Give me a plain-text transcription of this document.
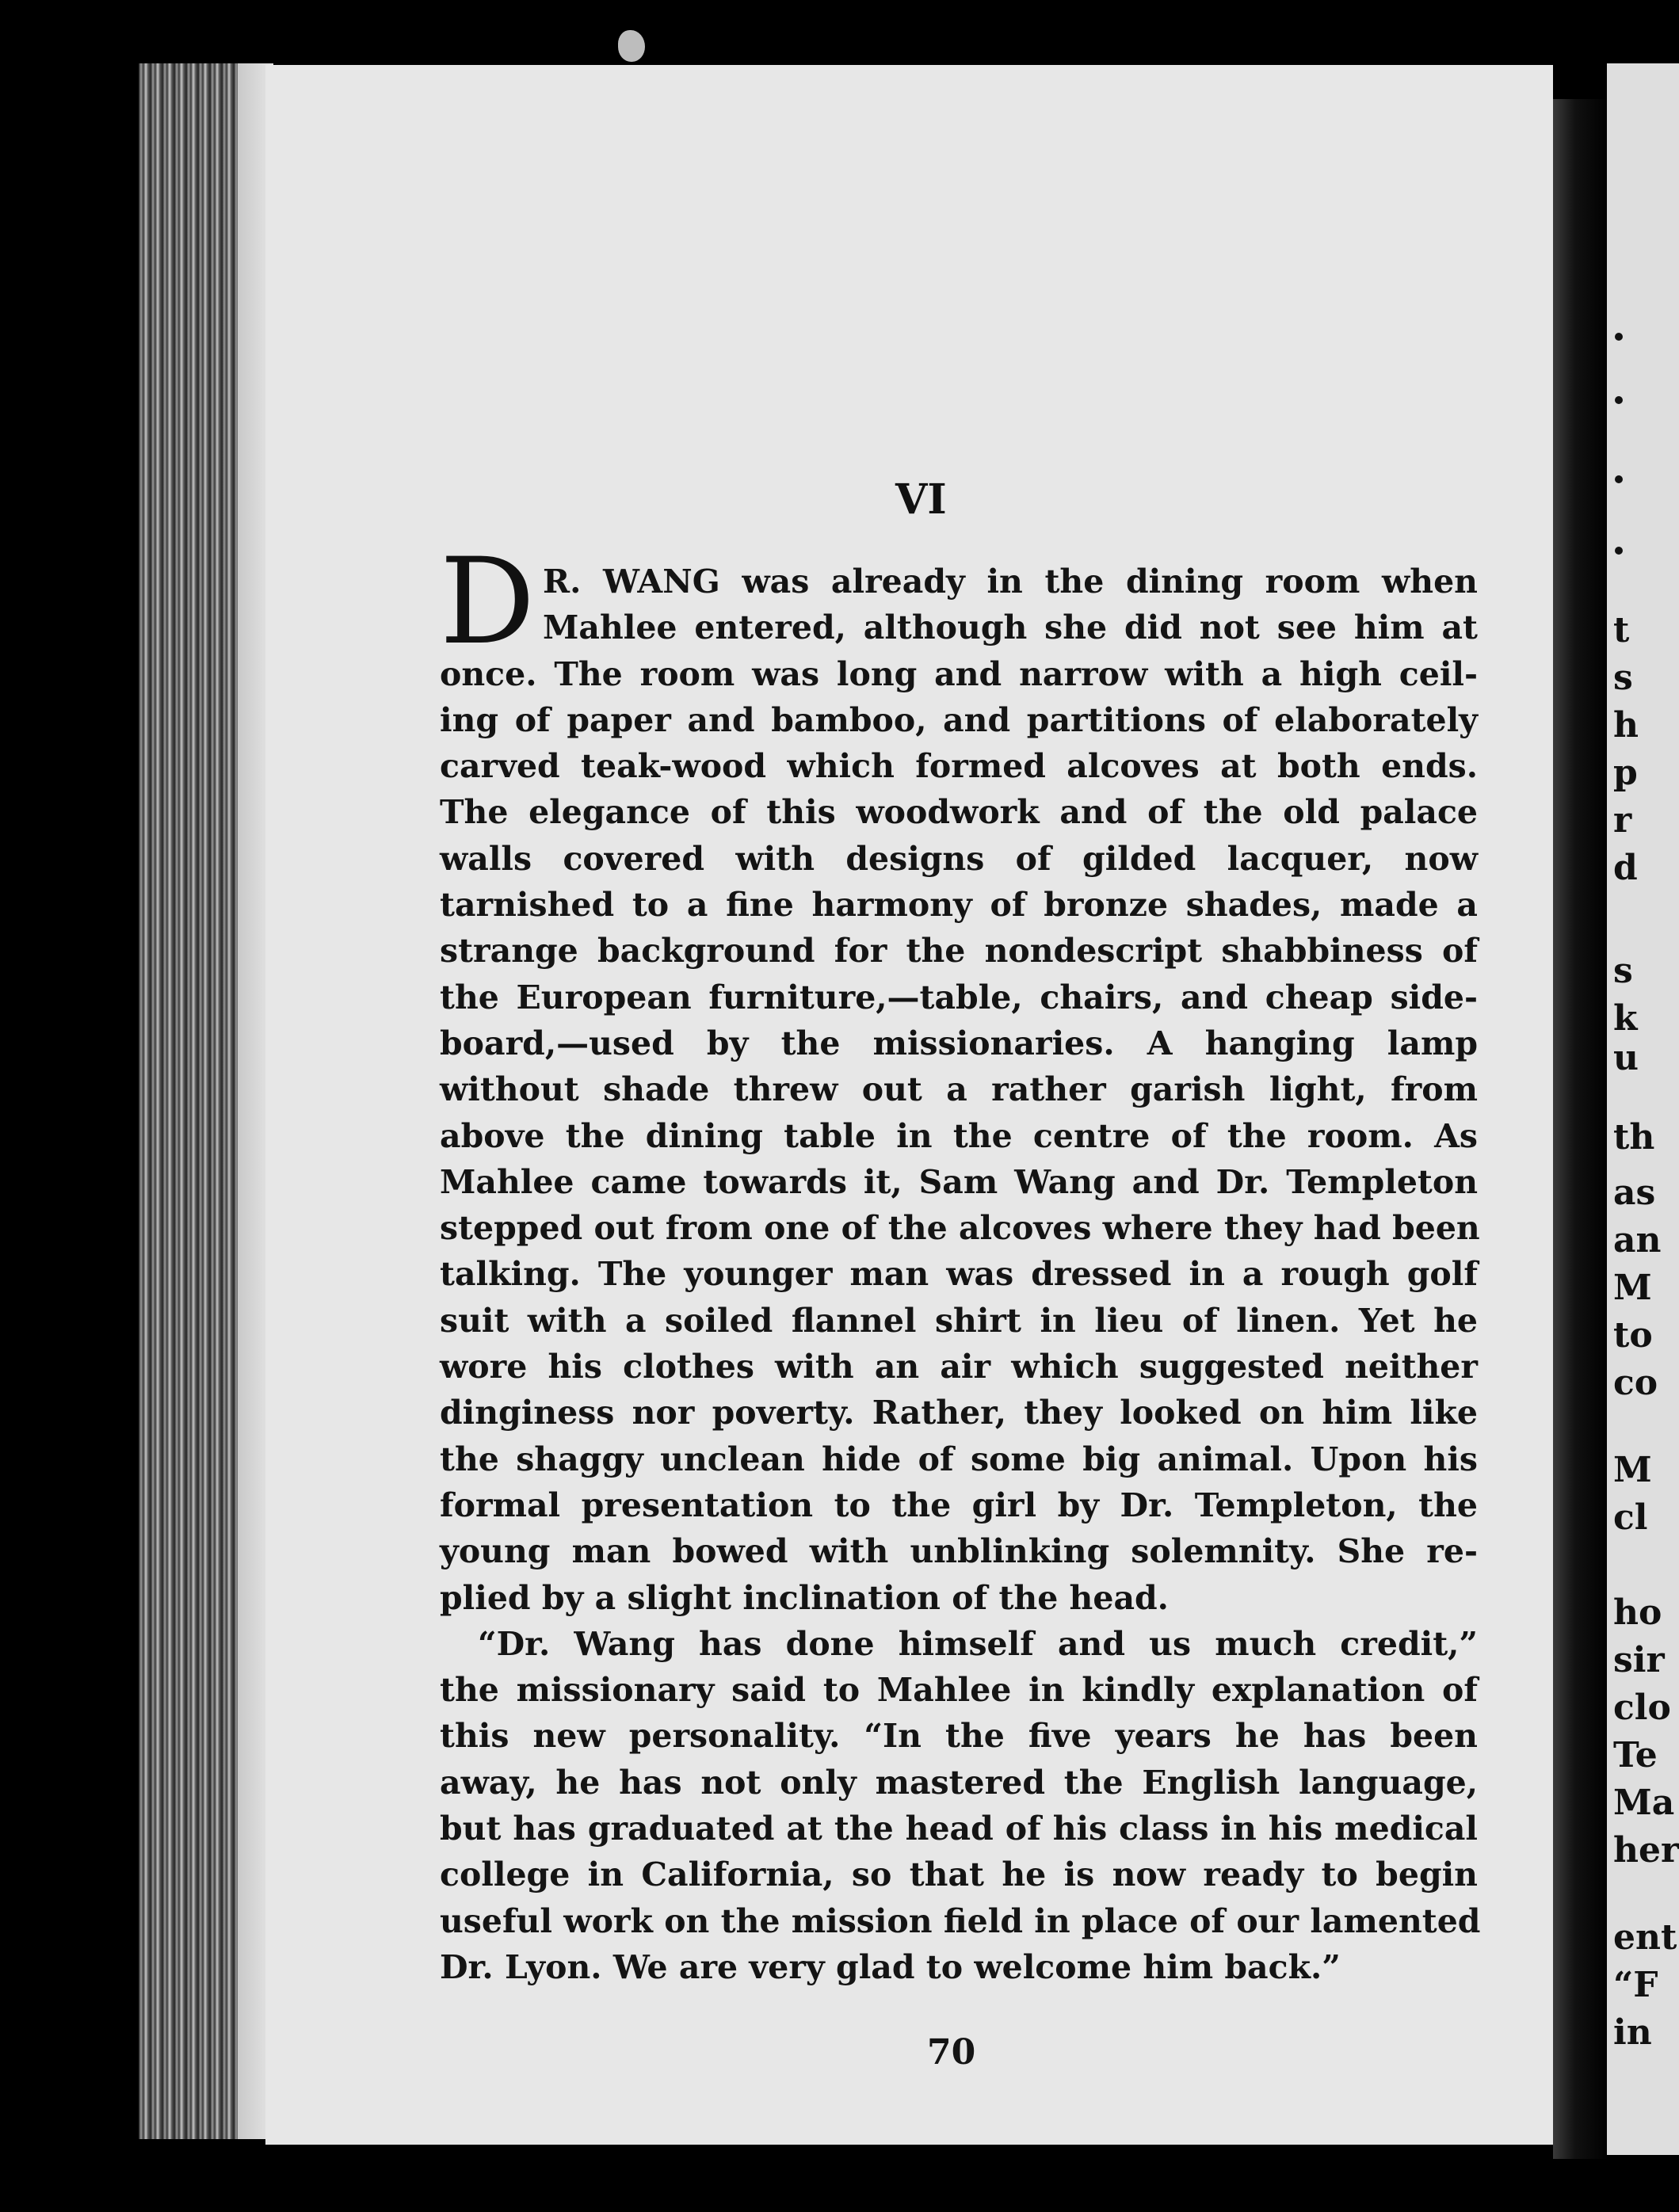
t
s
h
p
r
d
s
k
u
th
as
an
M
to
co
M
cl
ho
sir
clo
Te
Ma
her
ent
“F
in
VI
D R. WANG was already in the dining room when
Mahlee entered, although she did not see him at
once. The room was long and narrow with a high ceil-
ing of paper and bamboo, and partitions of elaborately
carved teak-wood which formed alcoves at both ends.
The elegance of this woodwork and of the old palace
walls covered with designs of gilded lacquer, now
tarnished to a fine harmony of bronze shades, made a
strange background for the nondescript shabbiness of
the European furniture,—table, chairs, and cheap side-
board,—used by the missionaries. A hanging lamp
without shade threw out a rather garish light, from
above the dining table in the centre of the room. As
Mahlee came towards it, Sam Wang and Dr. Templeton
stepped out from one of the alcoves where they had been
talking. The younger man was dressed in a rough golf
suit with a soiled flannel shirt in lieu of linen. Yet he
wore his clothes with an air which suggested neither
dinginess nor poverty. Rather, they looked on him like
the shaggy unclean hide of some big animal. Upon his
formal presentation to the girl by Dr. Templeton, the
young man bowed with unblinking solemnity. She re-
plied by a slight inclination of the head.
“Dr. Wang has done himself and us much credit,”
the missionary said to Mahlee in kindly explanation of
this new personality. “In the five years he has been
away, he has not only mastered the English language,
but has graduated at the head of his class in his medical
college in California, so that he is now ready to begin
useful work on the mission field in place of our lamented
Dr. Lyon. We are very glad to welcome him back.”
70
